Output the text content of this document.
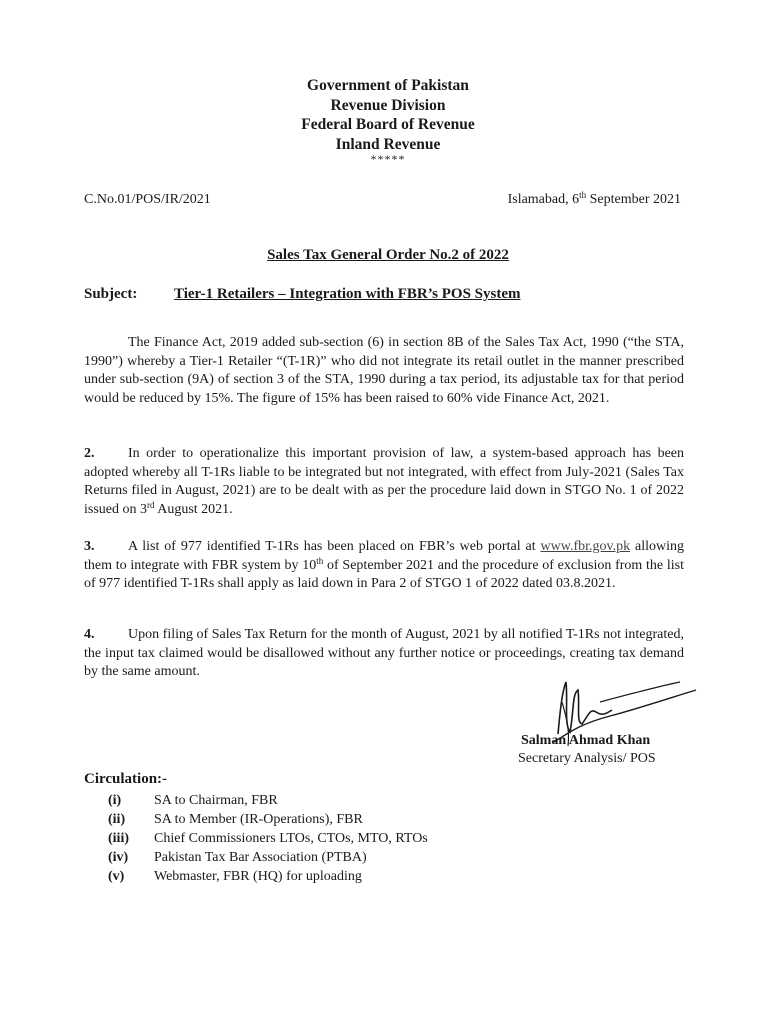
Government of Pakistan
Revenue Division
Federal Board of Revenue
Inland Revenue
*****
C.No.01/POS/IR/2021	Islamabad, 6th September 2021
Sales Tax General Order No.2 of 2022
Subject: Tier-1 Retailers – Integration with FBR’s POS System
The Finance Act, 2019 added sub-section (6) in section 8B of the Sales Tax Act, 1990 (“the STA, 1990”) whereby a Tier-1 Retailer “(T-1R)” who did not integrate its retail outlet in the manner prescribed under sub-section (9A) of section 3 of the STA, 1990 during a tax period, its adjustable tax for that period would be reduced by 15%. The figure of 15% has been raised to 60% vide Finance Act, 2021.
2. In order to operationalize this important provision of law, a system-based approach has been adopted whereby all T-1Rs liable to be integrated but not integrated, with effect from July-2021 (Sales Tax Returns filed in August, 2021) are to be dealt with as per the procedure laid down in STGO No. 1 of 2022 issued on 3rd August 2021.
3. A list of 977 identified T-1Rs has been placed on FBR’s web portal at www.fbr.gov.pk allowing them to integrate with FBR system by 10th of September 2021 and the procedure of exclusion from the list of 977 identified T-1Rs shall apply as laid down in Para 2 of STGO 1 of 2022 dated 03.8.2021.
4. Upon filing of Sales Tax Return for the month of August, 2021 by all notified T-1Rs not integrated, the input tax claimed would be disallowed without any further notice or proceedings, creating tax demand by the same amount.
Salman Ahmad Khan
Secretary Analysis/ POS
Circulation:-
(i) SA to Chairman, FBR
(ii) SA to Member (IR-Operations), FBR
(iii) Chief Commissioners LTOs, CTOs, MTO, RTOs
(iv) Pakistan Tax Bar Association (PTBA)
(v) Webmaster, FBR (HQ) for uploading
